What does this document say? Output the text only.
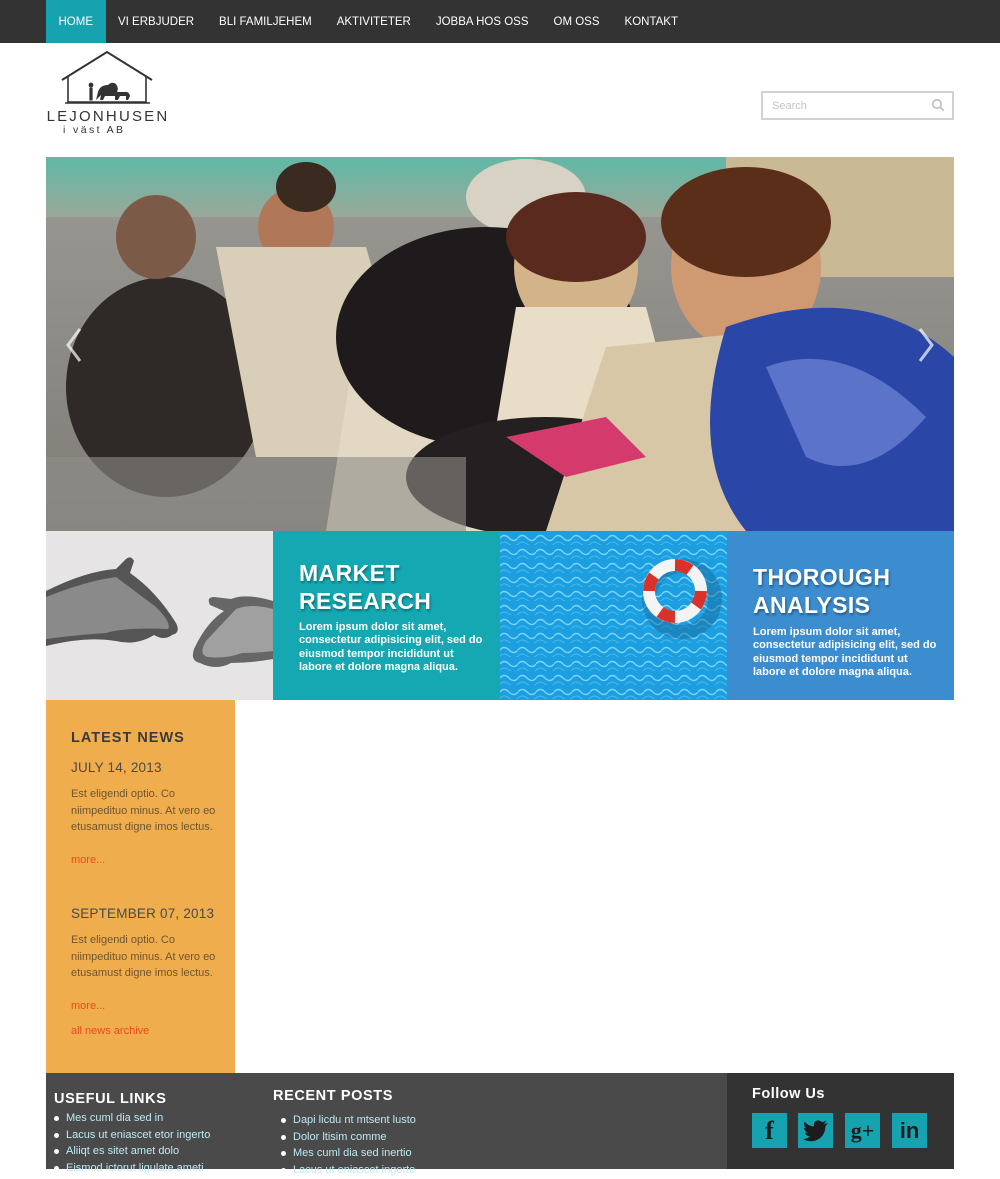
HOME	VI ERBJUDER	BLI FAMILJEHEM	AKTIVITETER	JOBBA HOS OSS	OM OSS	KONTAKT
LEJONHUSEN
i väst AB
Search
MARKET
RESEARCH
Lorem ipsum dolor sit amet, consectetur adipisicing elit, sed do eiusmod tempor incididunt ut labore et dolore magna aliqua.
THOROUGH
ANALYSIS
Lorem ipsum dolor sit amet, consectetur adipisicing elit, sed do eiusmod tempor incididunt ut labore et dolore magna aliqua.
LATEST NEWS
JULY 14, 2013
Est eligendi optio. Co niimpedituo minus. At vero eo etusamust digne imos lectus.
more...
SEPTEMBER 07, 2013
Est eligendi optio. Co niimpedituo minus. At vero eo etusamust digne imos lectus.
more...
all news archive
USEFUL LINKS
Mes cuml dia sed in
Lacus ut eniascet etor ingerto
Aliiqt es sitet amet dolo
Eismod ictorut ligulate ameti
RECENT POSTS
Dapi licdu nt mtsent lusto
Dolor ltisim comme
Mes cuml dia sed inertio
Lacus ut eniascet ingerto
Follow Us
f	g+ in
